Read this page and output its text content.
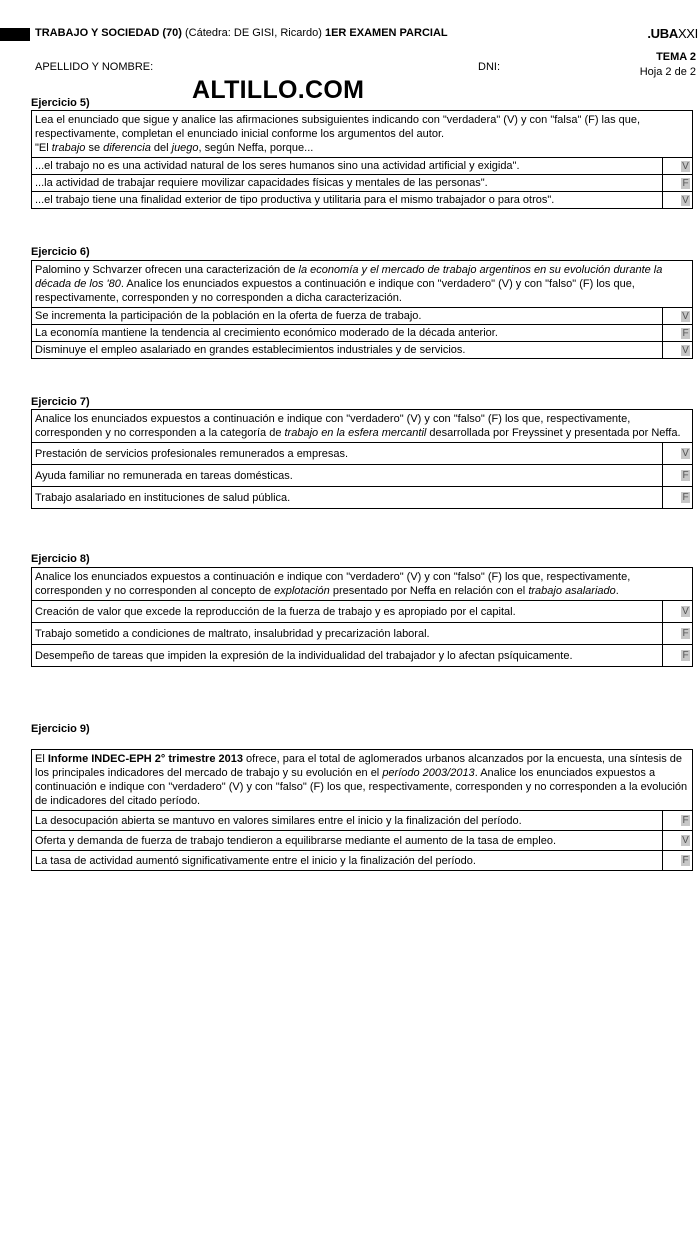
TRABAJO Y SOCIEDAD (70) (Cátedra: DE GISI, Ricardo) 1ER EXAMEN PARCIAL	.UBAXXI
TEMA 2
Hoja 2 de 2
APELLIDO Y NOMBRE:	DNI:
ALTILLO.COM
Ejercicio 5)
Lea el enunciado que sigue y analice las afirmaciones subsiguientes indicando con "verdadera" (V) y con "falsa" (F) las que, respectivamente, completan el enunciado inicial conforme los argumentos del autor.
"El trabajo se diferencia del juego, según Neffa, porque...	
...el trabajo no es una actividad natural de los seres humanos sino una actividad artificial y exigida".	V
...la actividad de trabajar requiere movilizar capacidades físicas y mentales de las personas".	F
...el trabajo tiene una finalidad exterior de tipo productiva y utilitaria para el mismo trabajador o para otros".	V
Ejercicio 6)
Palomino y Schvarzer ofrecen una caracterización de la economía y el mercado de trabajo argentinos en su evolución durante la década de los '80. Analice los enunciados expuestos a continuación e indique con "verdadero" (V) y con "falso" (F) los que, respectivamente, corresponden y no corresponden a dicha caracterización.	
Se incrementa la participación de la población en la oferta de fuerza de trabajo.	V
La economía mantiene la tendencia al crecimiento económico moderado de la década anterior.	F
Disminuye el empleo asalariado en grandes establecimientos industriales y de servicios.	V
Ejercicio 7)
Analice los enunciados expuestos a continuación e indique con "verdadero" (V) y con "falso" (F) los que, respectivamente, corresponden y no corresponden a la categoría de trabajo en la esfera mercantil desarrollada por Freyssinet y presentada por Neffa.	
Prestación de servicios profesionales remunerados a empresas.	V
Ayuda familiar no remunerada en tareas domésticas.	F
Trabajo asalariado en instituciones de salud pública.	F
Ejercicio 8)
Analice los enunciados expuestos a continuación e indique con "verdadero" (V) y con "falso" (F) los que, respectivamente, corresponden y no corresponden al concepto de explotación presentado por Neffa en relación con el trabajo asalariado.	
Creación de valor que excede la reproducción de la fuerza de trabajo y es apropiado por el capital.	V
Trabajo sometido a condiciones de maltrato, insalubridad y precarización laboral.	F
Desempeño de tareas que impiden la expresión de la individualidad del trabajador y lo afectan psíquicamente.	F
Ejercicio 9)
El Informe INDEC-EPH 2° trimestre 2013 ofrece, para el total de aglomerados urbanos alcanzados por la encuesta, una síntesis de los principales indicadores del mercado de trabajo y su evolución en el período 2003/2013. Analice los enunciados expuestos a continuación e indique con "verdadero" (V) y con "falso" (F) los que, respectivamente, corresponden y no corresponden a la evolución de indicadores del citado período.	
La desocupación abierta se mantuvo en valores similares entre el inicio y la finalización del período.	F
Oferta y demanda de fuerza de trabajo tendieron a equilibrarse mediante el aumento de la tasa de empleo.	V
La tasa de actividad aumentó significativamente entre el inicio y la finalización del período.	F
